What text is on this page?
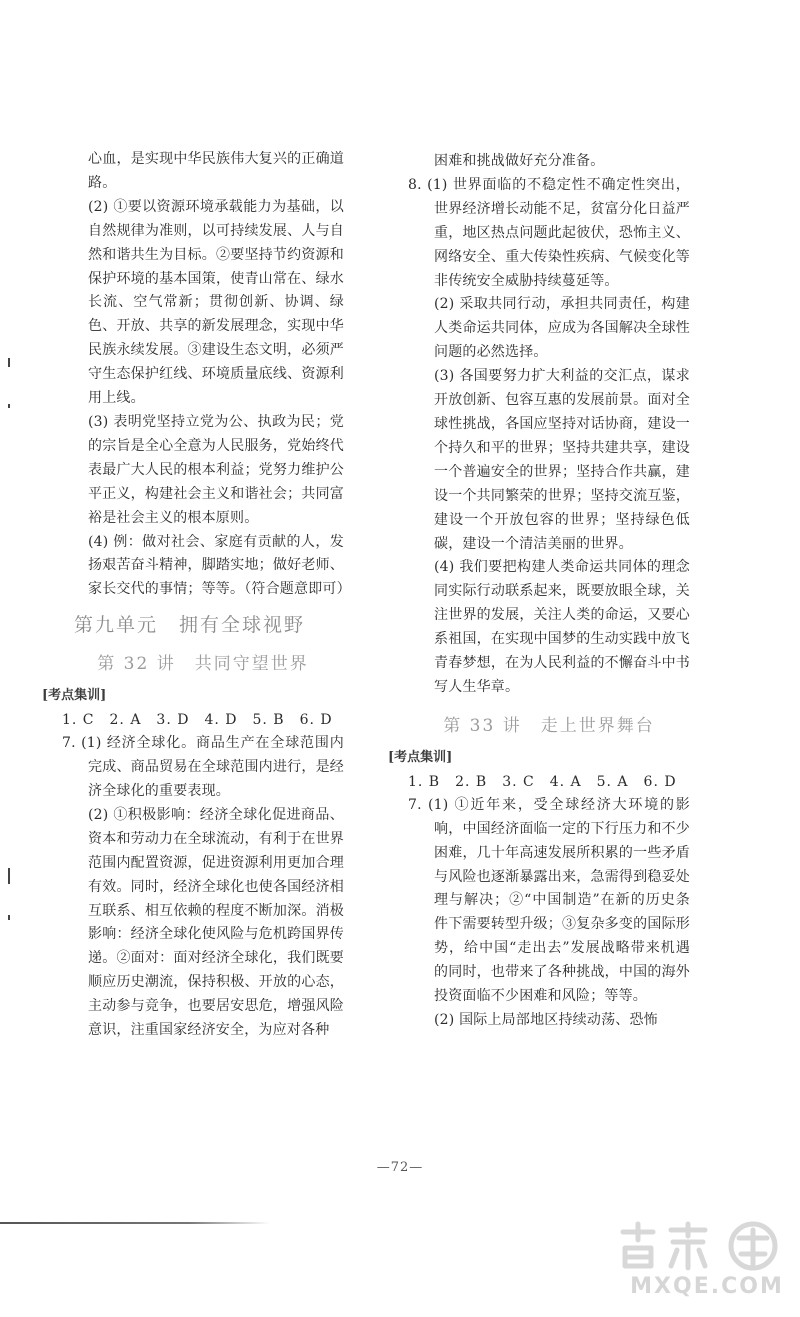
心血，是实现中华民族伟大复兴的正确道路。

(2) ①要以资源环境承载能力为基础，以自然规律为准则，以可持续发展、人与自然和谐共生为目标。②要坚持节约资源和保护环境的基本国策，使青山常在、绿水长流、空气常新；贯彻创新、协调、绿色、开放、共享的新发展理念，实现中华民族永续发展。③建设生态文明，必须严守生态保护红线、环境质量底线、资源利用上线。

(3) 表明党坚持立党为公、执政为民；党的宗旨是全心全意为人民服务，党始终代表最广大人民的根本利益；党努力维护公平正义，构建社会主义和谐社会；共同富裕是社会主义的根本原则。

(4) 例：做对社会、家庭有贡献的人，发扬艰苦奋斗精神，脚踏实地；做好老师、家长交代的事情；等等。（符合题意即可）

第九单元　拥有全球视野
第 32 讲　共同守望世界
[考点集训]

1. C　2. A　3. D　4. D　5. B　6. D

7. (1) 经济全球化。商品生产在全球范围内完成、商品贸易在全球范围内进行，是经济全球化的重要表现。

(2) ①积极影响：经济全球化促进商品、资本和劳动力在全球流动，有利于在世界范围内配置资源，促进资源利用更加合理有效。同时，经济全球化也使各国经济相互联系、相互依赖的程度不断加深。消极影响：经济全球化使风险与危机跨国界传递。②面对：面对经济全球化，我们既要顺应历史潮流，保持积极、开放的心态，主动参与竞争，也要居安思危，增强风险意识，注重国家经济安全，为应对各种

困难和挑战做好充分准备。

8. (1) 世界面临的不稳定性不确定性突出，世界经济增长动能不足，贫富分化日益严重，地区热点问题此起彼伏，恐怖主义、网络安全、重大传染性疾病、气候变化等非传统安全威胁持续蔓延等。

(2) 采取共同行动，承担共同责任，构建人类命运共同体，应成为各国解决全球性问题的必然选择。

(3) 各国要努力扩大利益的交汇点，谋求开放创新、包容互惠的发展前景。面对全球性挑战，各国应坚持对话协商，建设一个持久和平的世界；坚持共建共享，建设一个普遍安全的世界；坚持合作共赢，建设一个共同繁荣的世界；坚持交流互鉴，建设一个开放包容的世界；坚持绿色低碳，建设一个清洁美丽的世界。

(4) 我们要把构建人类命运共同体的理念同实际行动联系起来，既要放眼全球，关注世界的发展，关注人类的命运，又要心系祖国，在实现中国梦的生动实践中放飞青春梦想，在为人民利益的不懈奋斗中书写人生华章。

第 33 讲　走上世界舞台
[考点集训]

1. B　2. B　3. C　4. A　5. A　6. D

7. (1) ①近年来，受全球经济大环境的影响，中国经济面临一定的下行压力和不少困难，几十年高速发展所积累的一些矛盾与风险也逐渐暴露出来，急需得到稳妥处理与解决；②“中国制造”在新的历史条件下需要转型升级；③复杂多变的国际形势，给中国“走出去”发展战略带来机遇的同时，也带来了各种挑战，中国的海外投资面临不少困难和风险；等等。

(2) 国际上局部地区持续动荡、恐怖

—72—
MXQE.COM
